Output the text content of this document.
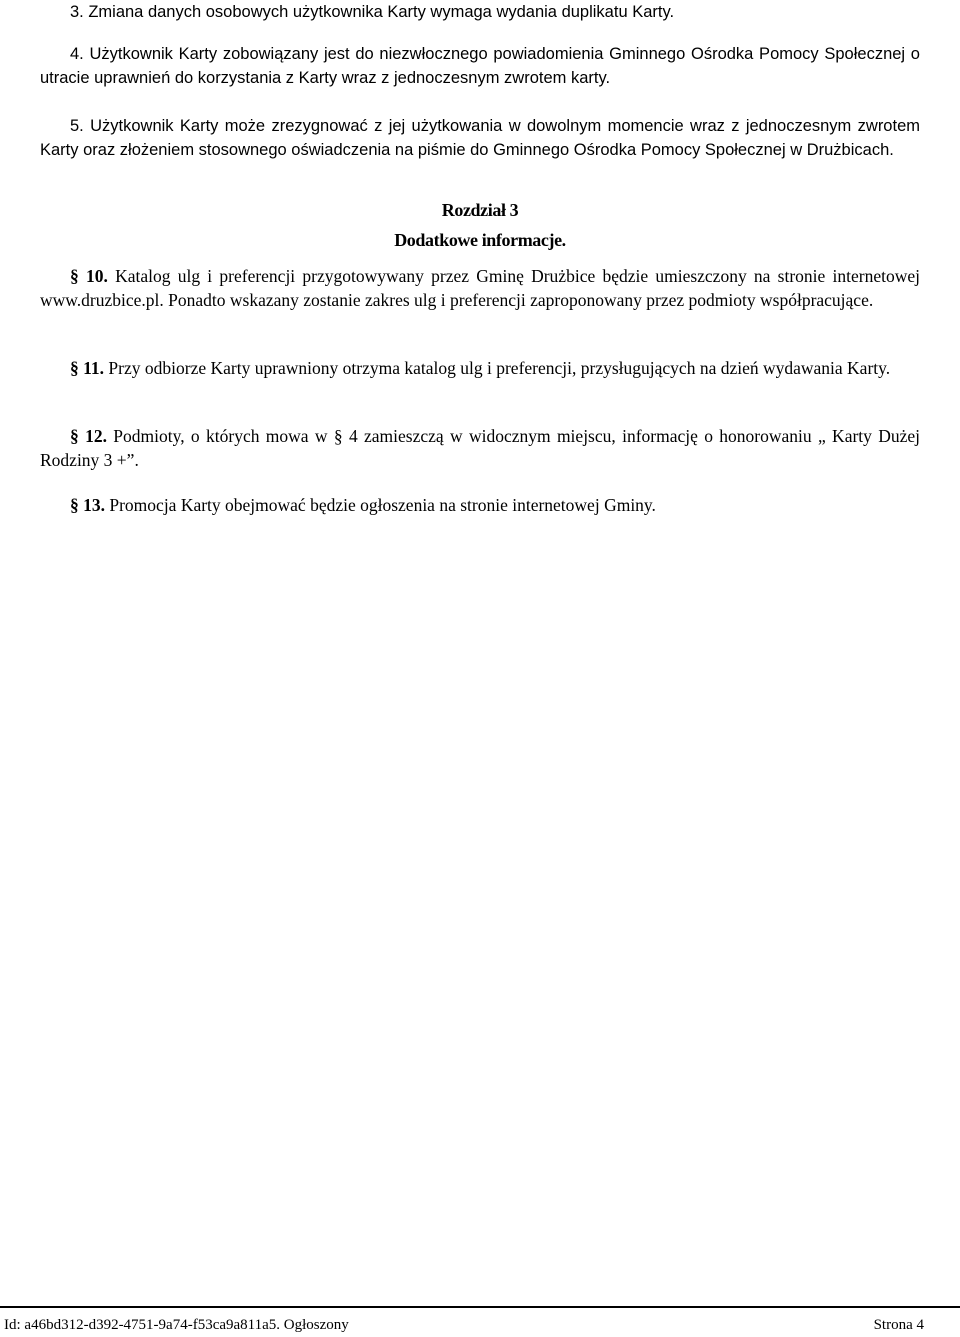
3. Zmiana danych osobowych użytkownika Karty wymaga wydania duplikatu Karty.

4. Użytkownik Karty zobowiązany jest do niezwłocznego powiadomienia Gminnego Ośrodka Pomocy Społecznej o utracie uprawnień do korzystania z Karty wraz z jednoczesnym zwrotem karty.

5. Użytkownik Karty może zrezygnować z jej użytkowania w dowolnym momencie wraz z jednoczesnym zwrotem Karty oraz złożeniem stosownego oświadczenia na piśmie do Gminnego Ośrodka Pomocy Społecznej w Drużbicach.

Rozdział 3

Dodatkowe informacje.

§ 10. Katalog ulg i preferencji przygotowywany przez Gminę Drużbice będzie umieszczony na stronie internetowej www.druzbice.pl. Ponadto wskazany zostanie zakres ulg i preferencji zaproponowany przez podmioty współpracujące.

§ 11. Przy odbiorze Karty uprawniony otrzyma katalog ulg i preferencji, przysługujących na dzień wydawania Karty.

§ 12. Podmioty, o których mowa w § 4 zamieszczą w widocznym miejscu, informację o honorowaniu „ Karty Dużej Rodziny 3 +”.

§ 13. Promocja Karty obejmować będzie ogłoszenia na stronie internetowej Gminy.

Id: a46bd312-d392-4751-9a74-f53ca9a811a5. Ogłoszony	Strona 4
